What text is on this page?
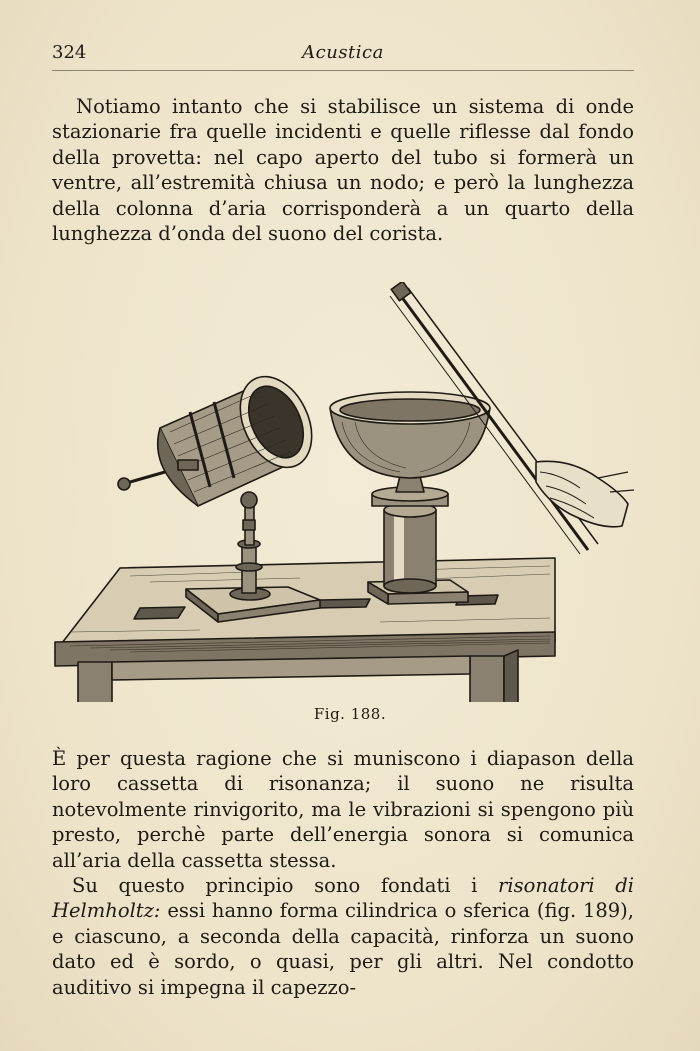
324	Acustica

Notiamo intanto che si stabilisce un sistema di onde stazionarie fra quelle incidenti e quelle riflesse dal fondo della provetta: nel capo aperto del tubo si formerà un ventre, all’estremità chiusa un nodo; e però la lunghezza della colonna d’aria corrisponderà a un quarto della lunghezza d’onda del suono del corista.

Fig. 188.

È per questa ragione che si muniscono i diapason della loro cassetta di risonanza; il suono ne risulta notevolmente rinvigorito, ma le vibrazioni si spengono più presto, perchè parte dell’energia sonora si comunica all’aria della cassetta stessa.

Su questo principio sono fondati i risonatori di Helmholtz: essi hanno forma cilindrica o sferica (fig. 189), e ciascuno, a seconda della capacità, rinforza un suono dato ed è sordo, o quasi, per gli altri. Nel condotto auditivo si impegna il capezzo-
